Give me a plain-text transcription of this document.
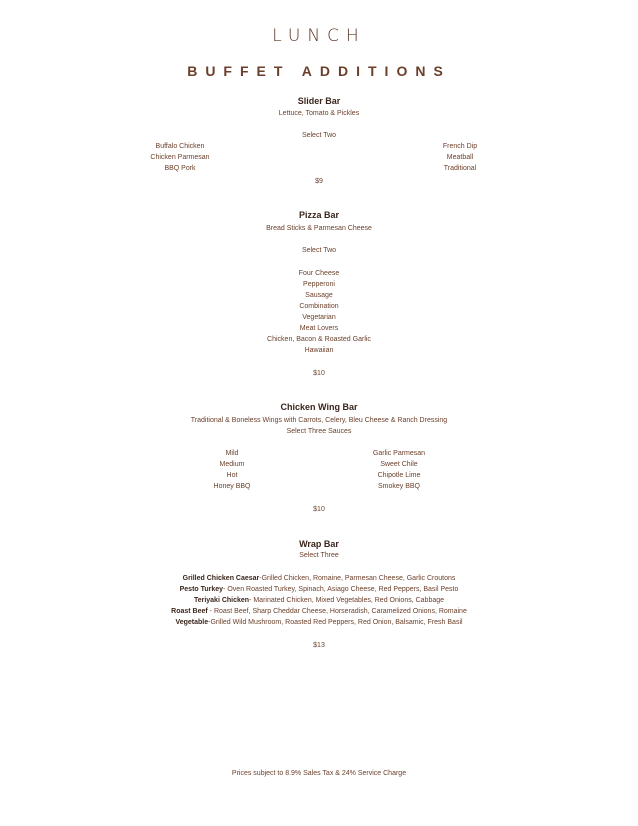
LUNCH
BUFFET ADDITIONS
Slider Bar
Lettuce, Tomato & Pickles
Select Two
Buffalo Chicken
Chicken Parmesan
BBQ Pork
French Dip
Meatball
Traditional
$9
Pizza Bar
Bread Sticks & Parmesan Cheese
Select Two
Four Cheese
Pepperoni
Sausage
Combination
Vegetarian
Meat Lovers
Chicken, Bacon & Roasted Garlic
Hawaiian
$10
Chicken Wing Bar
Traditional & Boneless Wings with Carrots, Celery, Bleu Cheese & Ranch Dressing
Select Three Sauces
Mild
Medium
Hot
Honey BBQ
Garlic Parmesan
Sweet Chile
Chipotle Lime
Smokey BBQ
$10
Wrap Bar
Select Three
Grilled Chicken Caesar-Grilled Chicken, Romaine, Parmesan Cheese, Garlic Croutons
Pesto Turkey- Oven Roasted Turkey, Spinach, Asiago Cheese, Red Peppers, Basil Pesto
Teriyaki Chicken- Marinated Chicken, Mixed Vegetables, Red Onions, Cabbage
Roast Beef - Roast Beef, Sharp Cheddar Cheese, Horseradish, Caramelized Onions, Romaine
Vegetable-Grilled Wild Mushroom, Roasted Red Peppers, Red Onion, Balsamic, Fresh Basil
$13
Prices subject to 8.9% Sales Tax & 24% Service Charge
